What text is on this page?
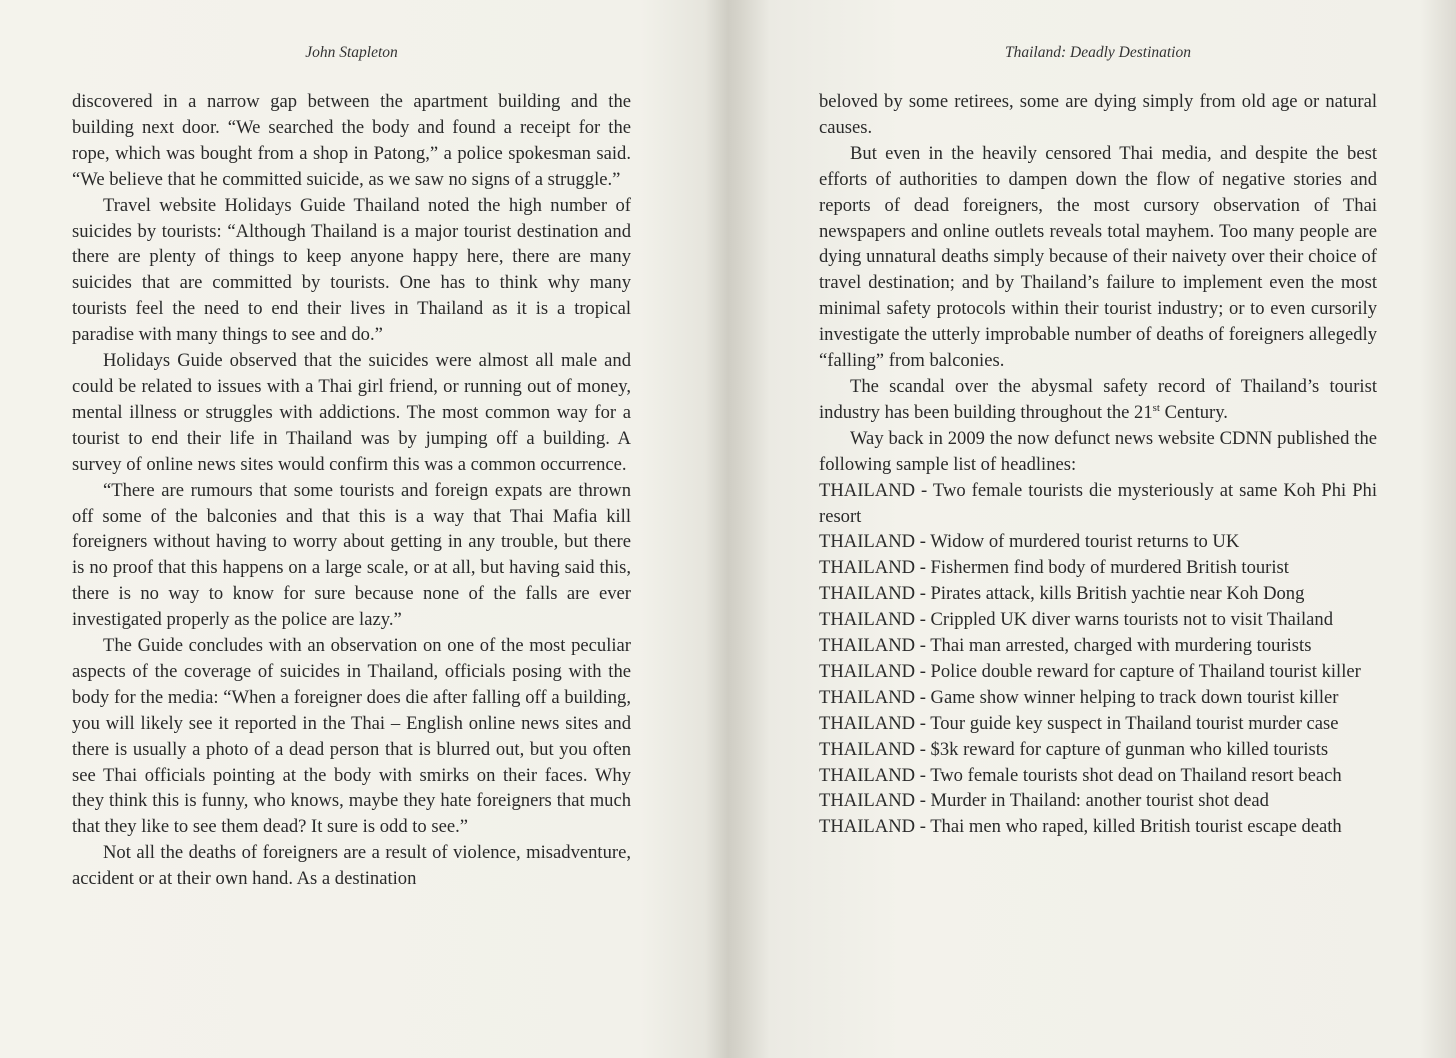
John Stapleton

discovered in a narrow gap between the apartment building and the building next door. “We searched the body and found a receipt for the rope, which was bought from a shop in Patong,” a police spokesman said. “We believe that he committed suicide, as we saw no signs of a struggle.”

Travel website Holidays Guide Thailand noted the high number of suicides by tourists: “Although Thailand is a major tourist destination and there are plenty of things to keep anyone happy here, there are many suicides that are committed by tourists. One has to think why many tourists feel the need to end their lives in Thailand as it is a tropical paradise with many things to see and do.”

Holidays Guide observed that the suicides were almost all male and could be related to issues with a Thai girl friend, or running out of money, mental illness or struggles with addictions. The most common way for a tourist to end their life in Thailand was by jumping off a building. A survey of online news sites would confirm this was a common occurrence.

“There are rumours that some tourists and foreign expats are thrown off some of the balconies and that this is a way that Thai Mafia kill foreigners without having to worry about getting in any trouble, but there is no proof that this happens on a large scale, or at all, but having said this, there is no way to know for sure because none of the falls are ever investigated properly as the police are lazy.”

The Guide concludes with an observation on one of the most peculiar aspects of the coverage of suicides in Thailand, officials posing with the body for the media: “When a foreigner does die after falling off a building, you will likely see it reported in the Thai – English online news sites and there is usually a photo of a dead person that is blurred out, but you often see Thai officials pointing at the body with smirks on their faces. Why they think this is funny, who knows, maybe they hate foreigners that much that they like to see them dead? It sure is odd to see.”

Not all the deaths of foreigners are a result of violence, misadventure, accident or at their own hand. As a destination

Thailand: Deadly Destination

beloved by some retirees, some are dying simply from old age or natural causes.

But even in the heavily censored Thai media, and despite the best efforts of authorities to dampen down the flow of negative stories and reports of dead foreigners, the most cursory observation of Thai newspapers and online outlets reveals total mayhem. Too many people are dying unnatural deaths simply because of their naivety over their choice of travel destination; and by Thailand’s failure to implement even the most minimal safety protocols within their tourist industry; or to even cursorily investigate the utterly improbable number of deaths of foreigners allegedly “falling” from balconies.

The scandal over the abysmal safety record of Thailand’s tourist industry has been building throughout the 21st Century.

Way back in 2009 the now defunct news website CDNN published the following sample list of headlines:

THAILAND - Two female tourists die mysteriously at same Koh Phi Phi resort

THAILAND - Widow of murdered tourist returns to UK

THAILAND - Fishermen find body of murdered British tourist

THAILAND - Pirates attack, kills British yachtie near Koh Dong

THAILAND - Crippled UK diver warns tourists not to visit Thailand

THAILAND - Thai man arrested, charged with murdering tourists

THAILAND - Police double reward for capture of Thailand tourist killer

THAILAND - Game show winner helping to track down tourist killer

THAILAND - Tour guide key suspect in Thailand tourist murder case

THAILAND - $3k reward for capture of gunman who killed tourists

THAILAND - Two female tourists shot dead on Thailand resort beach

THAILAND - Murder in Thailand: another tourist shot dead

THAILAND - Thai men who raped, killed British tourist escape death
